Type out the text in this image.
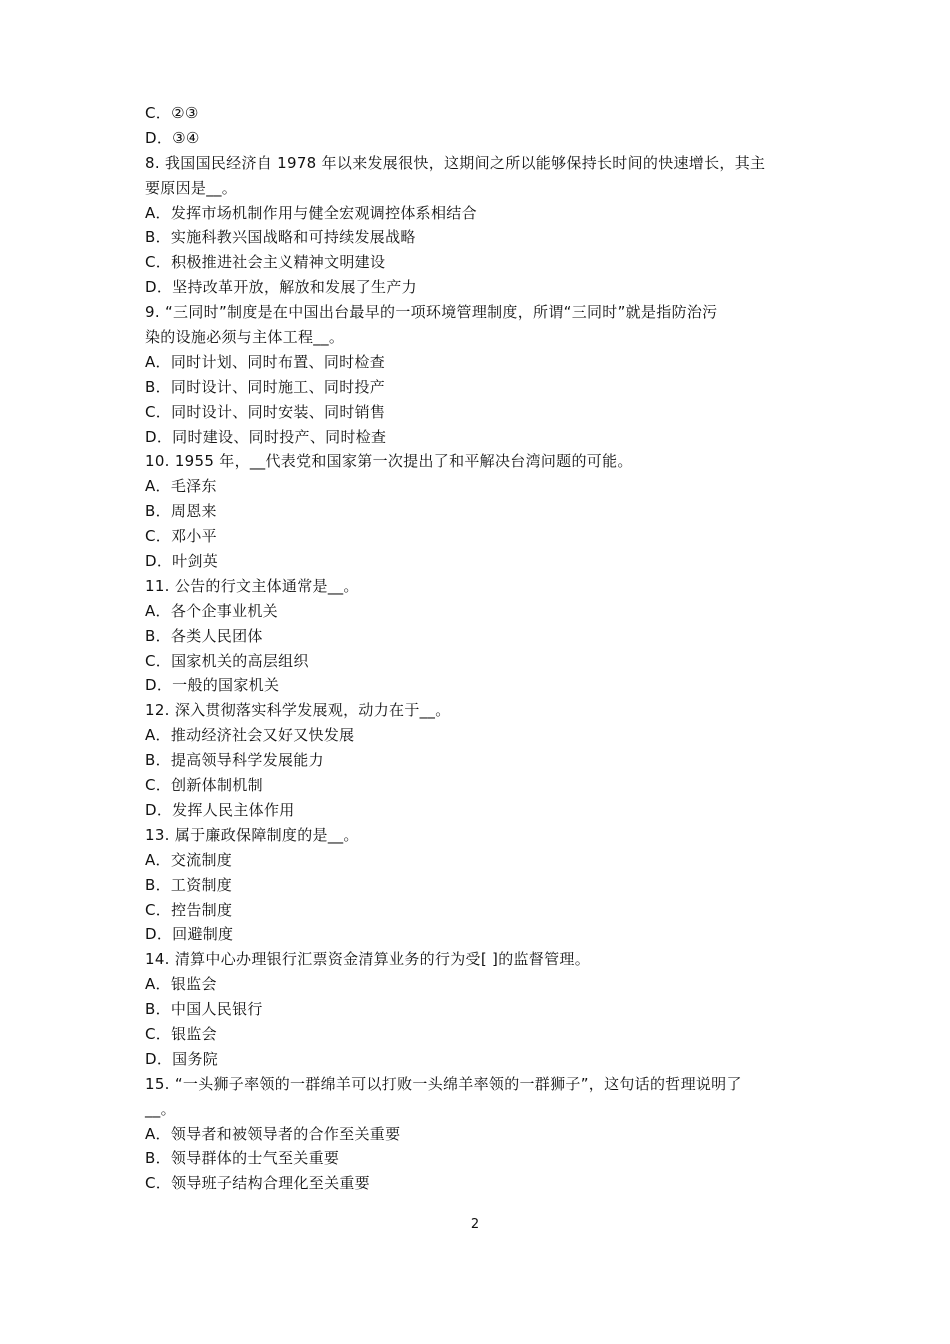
C．②③
D．③④
8. 我国国民经济自 1978 年以来发展很快，这期间之所以能够保持长时间的快速增长，其主
要原因是__。
A．发挥市场机制作用与健全宏观调控体系相结合
B．实施科教兴国战略和可持续发展战略
C．积极推进社会主义精神文明建设
D．坚持改革开放，解放和发展了生产力
9. “三同时”制度是在中国出台最早的一项环境管理制度，所谓“三同时”就是指防治污
染的设施必须与主体工程__。
A．同时计划、同时布置、同时检查
B．同时设计、同时施工、同时投产
C．同时设计、同时安装、同时销售
D．同时建设、同时投产、同时检查
10. 1955 年，__代表党和国家第一次提出了和平解决台湾问题的可能。
A．毛泽东
B．周恩来
C．邓小平
D．叶剑英
11. 公告的行文主体通常是__。
A．各个企事业机关
B．各类人民团体
C．国家机关的高层组织
D．一般的国家机关
12. 深入贯彻落实科学发展观，动力在于__。
A．推动经济社会又好又快发展
B．提高领导科学发展能力
C．创新体制机制
D．发挥人民主体作用
13. 属于廉政保障制度的是__。
A．交流制度
B．工资制度
C．控告制度
D．回避制度
14. 清算中心办理银行汇票资金清算业务的行为受[ ]的监督管理。
A．银监会
B．中国人民银行
C．银监会
D．国务院
15. “一头狮子率领的一群绵羊可以打败一头绵羊率领的一群狮子”，这句话的哲理说明了
__。
A．领导者和被领导者的合作至关重要
B．领导群体的士气至关重要
C．领导班子结构合理化至关重要
2
